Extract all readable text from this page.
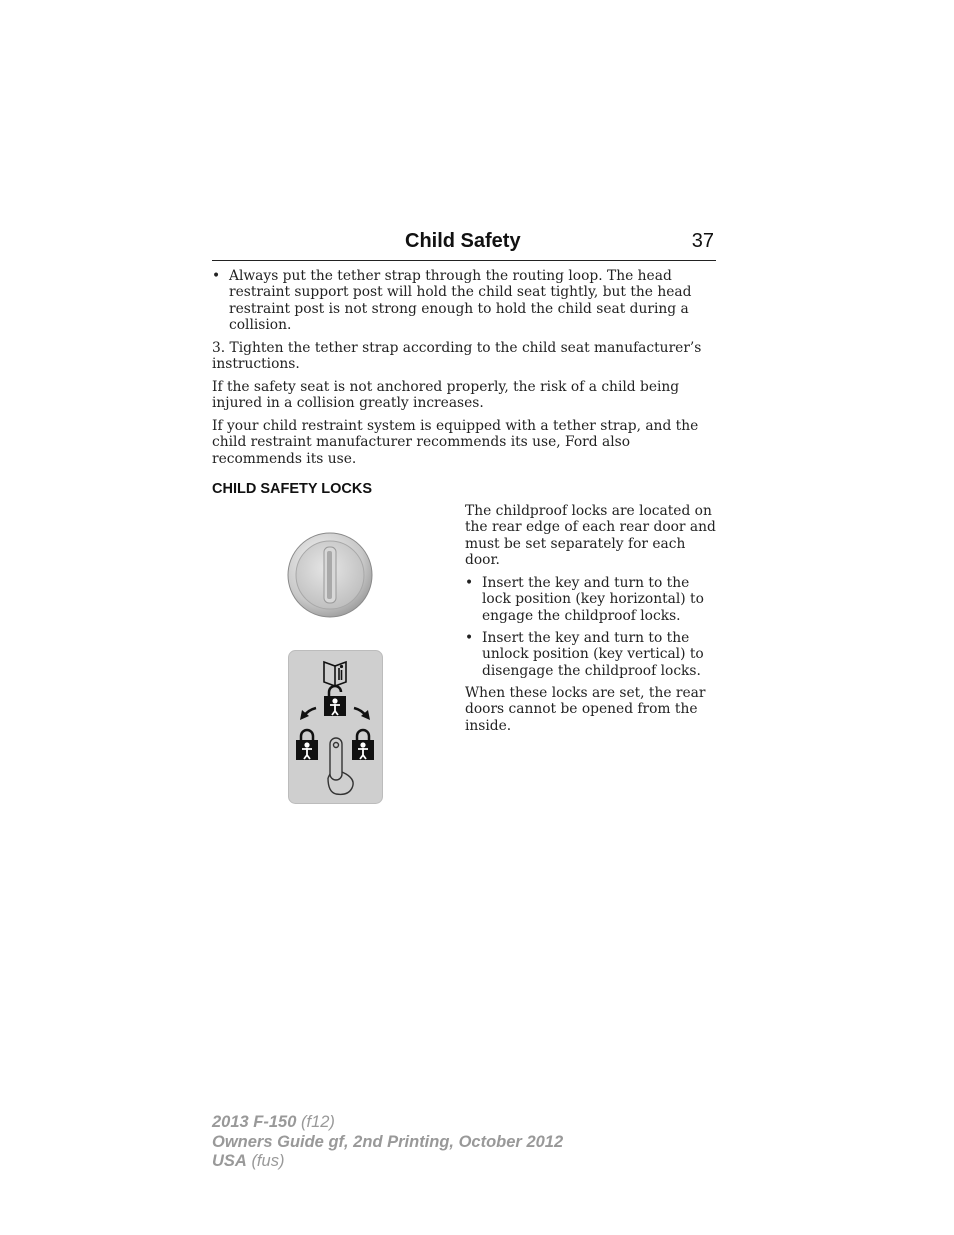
Child Safety	37
• Always put the tether strap through the routing loop. The head restraint support post will hold the child seat tightly, but the head restraint post is not strong enough to hold the child seat during a collision.
3. Tighten the tether strap according to the child seat manufacturer’s instructions.
If the safety seat is not anchored properly, the risk of a child being injured in a collision greatly increases.
If your child restraint system is equipped with a tether strap, and the child restraint manufacturer recommends its use, Ford also recommends its use.
CHILD SAFETY LOCKS
The childproof locks are located on the rear edge of each rear door and must be set separately for each door.
• Insert the key and turn to the lock position (key horizontal) to engage the childproof locks.
• Insert the key and turn to the unlock position (key vertical) to disengage the childproof locks.
When these locks are set, the rear doors cannot be opened from the inside.
2013 F-150 (f12)
Owners Guide gf, 2nd Printing, October 2012
USA (fus)
